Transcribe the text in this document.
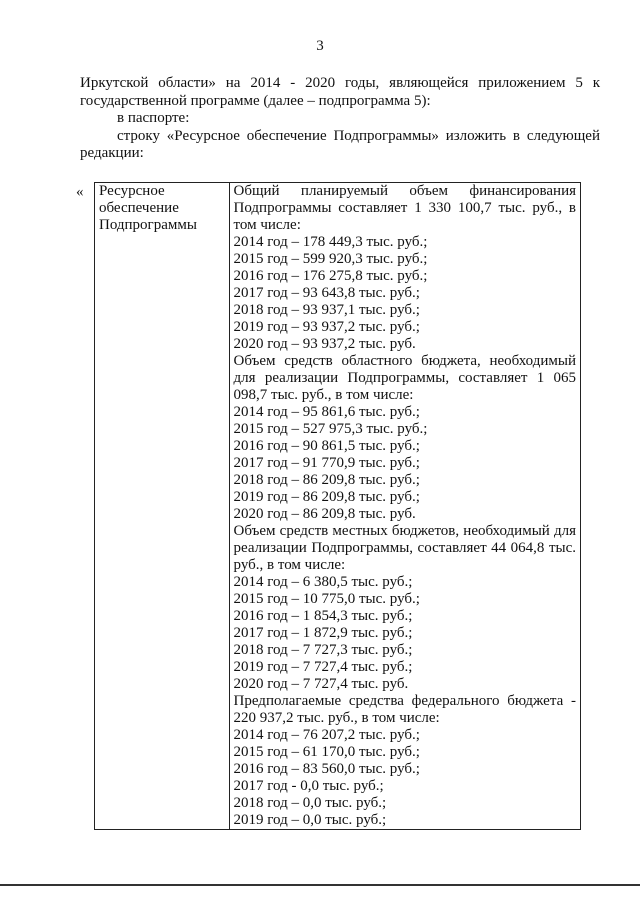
3

Иркутской области» на 2014 - 2020 годы, являющейся приложением 5 к государственной программе (далее – подпрограмма 5):

в паспорте:

строку «Ресурсное обеспечение Подпрограммы» изложить в следующей редакции:

« Ресурсное
обеспечение
Подпрограммы

Общий планируемый объем финансирования Подпрограммы составляет 1 330 100,7 тыс. руб., в том числе:
2014 год – 178 449,3 тыс. руб.;
2015 год – 599 920,3 тыс. руб.;
2016 год – 176 275,8 тыс. руб.;
2017 год – 93 643,8 тыс. руб.;
2018 год – 93 937,1 тыс. руб.;
2019 год – 93 937,2 тыс. руб.;
2020 год – 93 937,2 тыс. руб.
Объем средств областного бюджета, необходимый для реализации Подпрограммы, составляет 1 065 098,7 тыс. руб., в том числе:
2014 год – 95 861,6 тыс. руб.;
2015 год – 527 975,3 тыс. руб.;
2016 год – 90 861,5 тыс. руб.;
2017 год – 91 770,9 тыс. руб.;
2018 год – 86 209,8 тыс. руб.;
2019 год – 86 209,8 тыс. руб.;
2020 год – 86 209,8 тыс. руб.
Объем средств местных бюджетов, необходимый для реализации Подпрограммы, составляет 44 064,8 тыс. руб., в том числе:
2014 год – 6 380,5 тыс. руб.;
2015 год – 10 775,0 тыс. руб.;
2016 год – 1 854,3 тыс. руб.;
2017 год – 1 872,9 тыс. руб.;
2018 год – 7 727,3 тыс. руб.;
2019 год – 7 727,4 тыс. руб.;
2020 год – 7 727,4 тыс. руб.
Предполагаемые средства федерального бюджета - 220 937,2 тыс. руб., в том числе:
2014 год – 76 207,2 тыс. руб.;
2015 год – 61 170,0 тыс. руб.;
2016 год – 83 560,0 тыс. руб.;
2017 год - 0,0 тыс. руб.;
2018 год – 0,0 тыс. руб.;
2019 год – 0,0 тыс. руб.;
